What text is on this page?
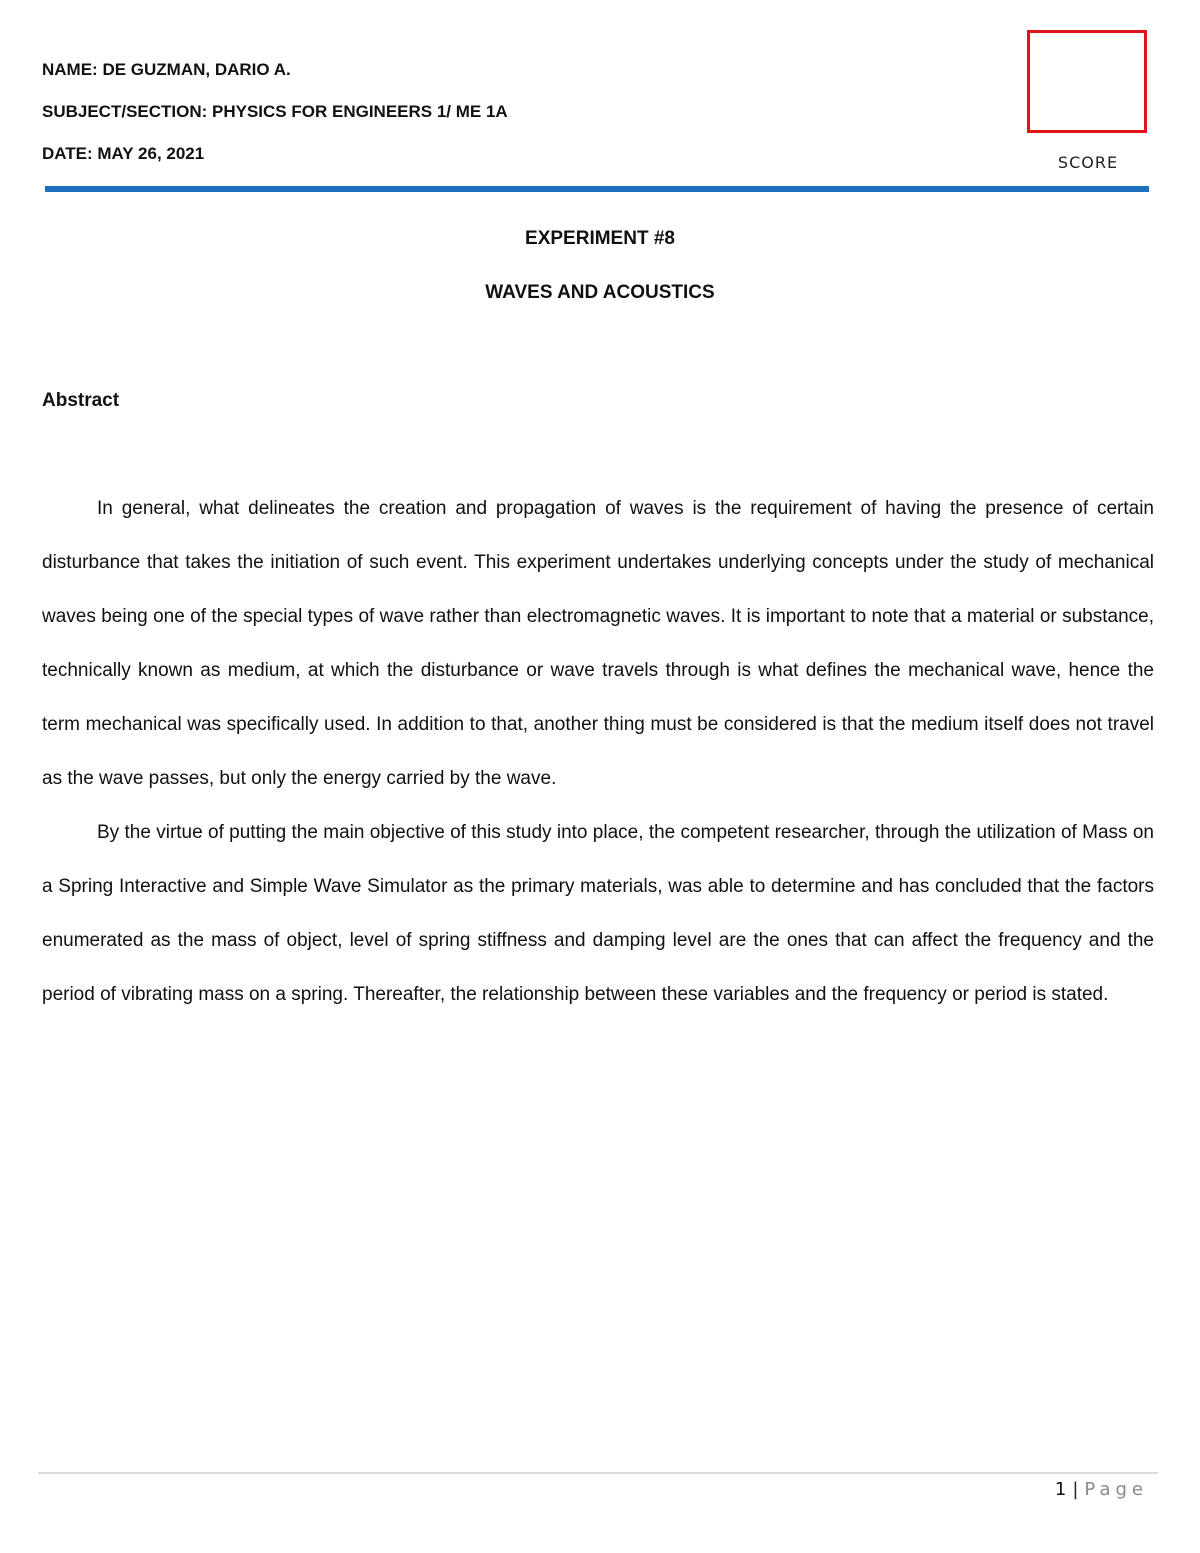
NAME: DE GUZMAN, DARIO A.
SUBJECT/SECTION: PHYSICS FOR ENGINEERS 1/ ME 1A
DATE: MAY 26, 2021	SCORE
EXPERIMENT #8
WAVES AND ACOUSTICS
Abstract

In general, what delineates the creation and propagation of waves is the requirement of having the presence of certain disturbance that takes the initiation of such event. This experiment undertakes underlying concepts under the study of mechanical waves being one of the special types of wave rather than electromagnetic waves. It is important to note that a material or substance, technically known as medium, at which the disturbance or wave travels through is what defines the mechanical wave, hence the term mechanical was specifically used. In addition to that, another thing must be considered is that the medium itself does not travel as the wave passes, but only the energy carried by the wave.

By the virtue of putting the main objective of this study into place, the competent researcher, through the utilization of Mass on a Spring Interactive and Simple Wave Simulator as the primary materials, was able to determine and has concluded that the factors enumerated as the mass of object, level of spring stiffness and damping level are the ones that can affect the frequency and the period of vibrating mass on a spring. Thereafter, the relationship between these variables and the frequency or period is stated.

1 | Page
